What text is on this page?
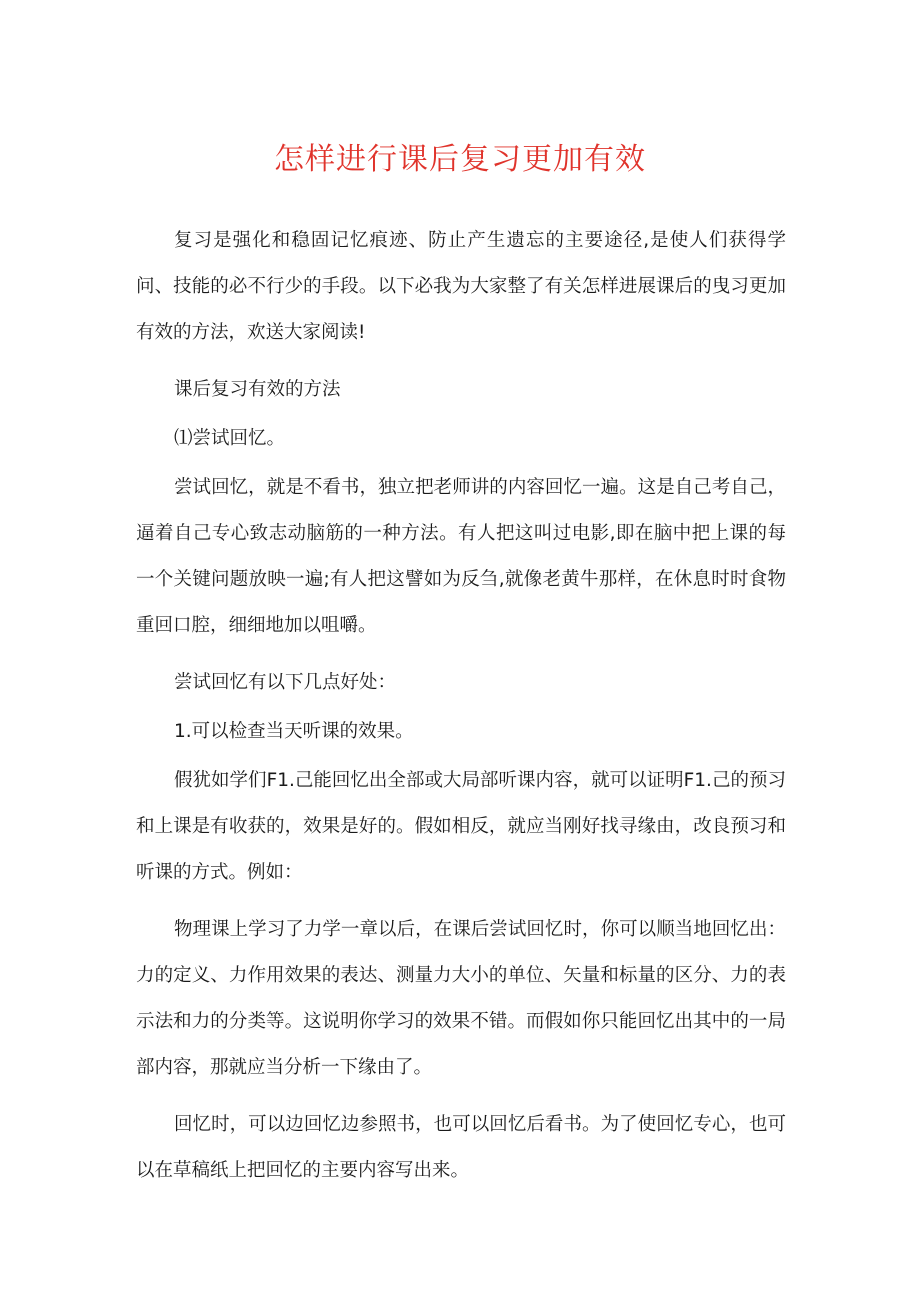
怎样进行课后复习更加有效

复习是强化和稳固记忆痕迹、防止产生遗忘的主要途径,是使人们获得学问、技能的必不行少的手段。以下必我为大家整了有关怎样进展课后的曳习更加有效的方法，欢送大家阅读!

课后复习有效的方法

⑴尝试回忆。

尝试回忆，就是不看书，独立把老师讲的内容回忆一遍。这是自己考自己，逼着自己专心致志动脑筋的一种方法。有人把这叫过电影,即在脑中把上课的每一个关键问题放映一遍;有人把这譬如为反刍,就像老黄牛那样，在休息时时食物重回口腔，细细地加以咀嚼。

尝试回忆有以下几点好处：

1.可以检查当天听课的效果。

假犹如学们F1.己能回忆出全部或大局部听课内容，就可以证明F1.己的预习和上课是有收获的，效果是好的。假如相反，就应当刚好找寻缘由，改良预习和听课的方式。例如：

物理课上学习了力学一章以后，在课后尝试回忆时，你可以顺当地回忆出：力的定义、力作用效果的表达、测量力大小的单位、矢量和标量的区分、力的表示法和力的分类等。这说明你学习的效果不错。而假如你只能回忆出其中的一局部内容，那就应当分析一下缘由了。

回忆时，可以边回忆边参照书，也可以回忆后看书。为了使回忆专心，也可以在草稿纸上把回忆的主要内容写出来。
